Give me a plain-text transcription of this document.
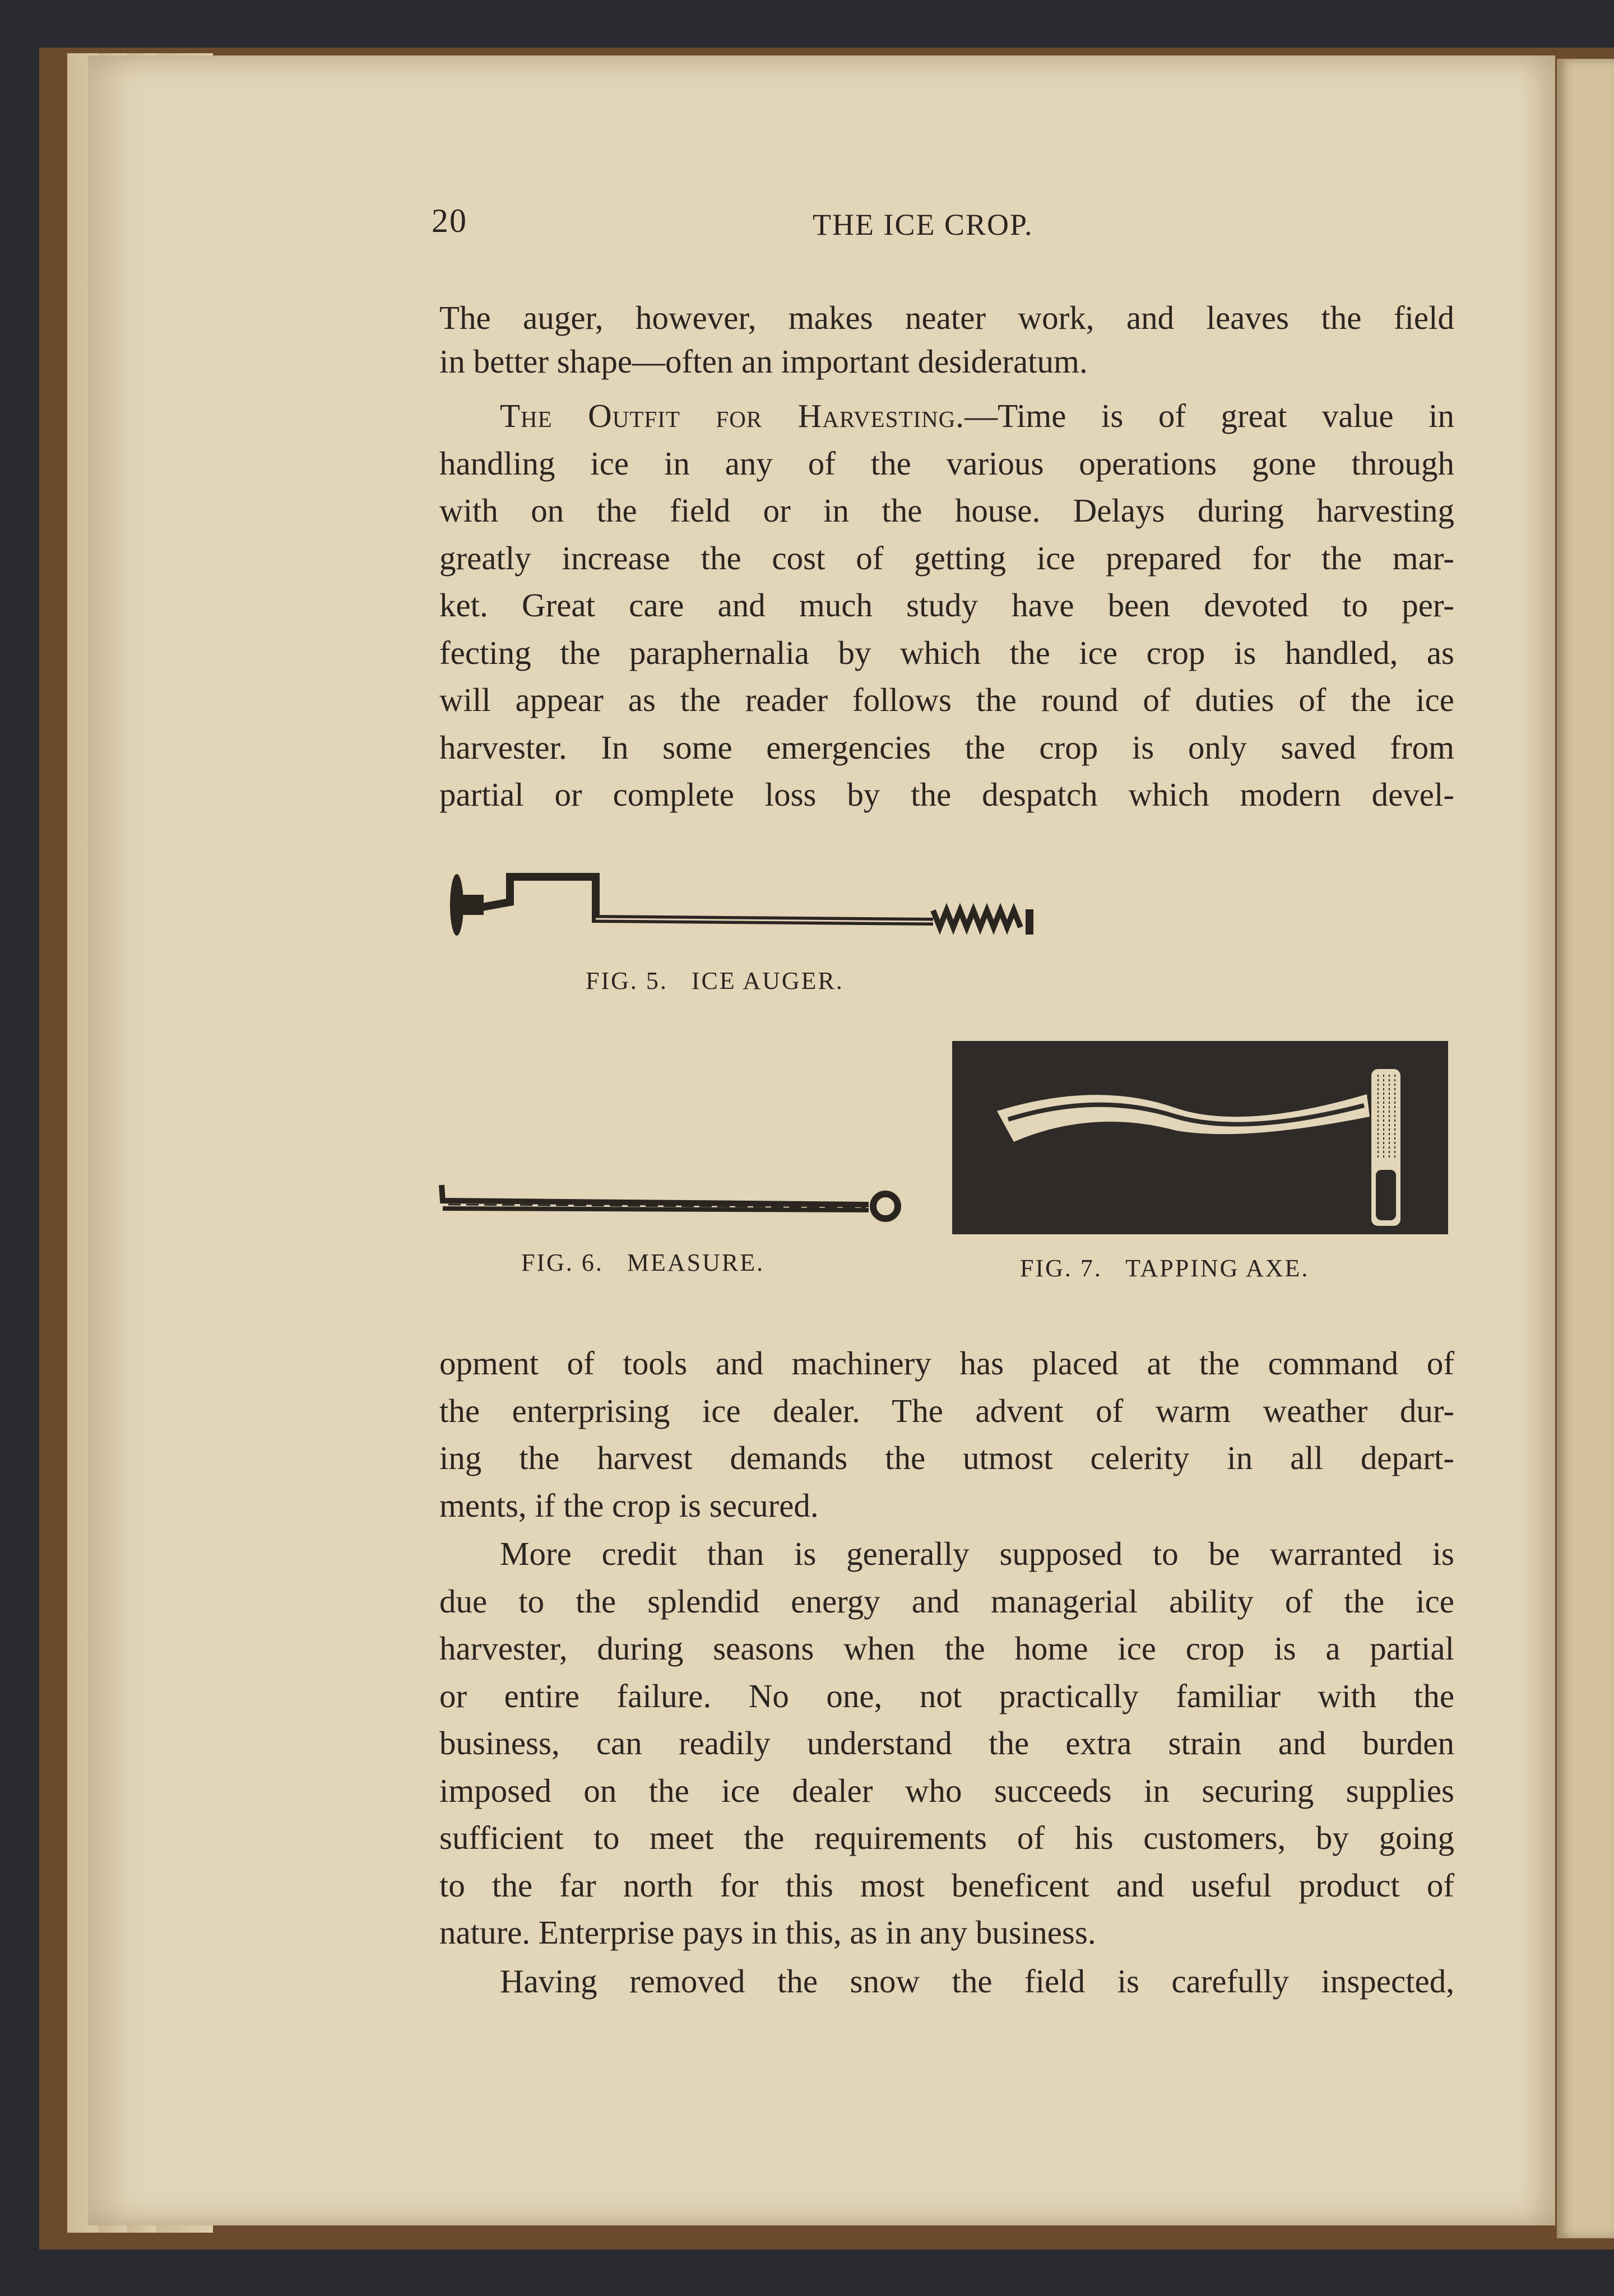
20	THE ICE CROP.
The auger, however, makes neater work, and leaves the field
in better shape—often an important desideratum.
The Outfit for Harvesting.—Time is of great value in
handling ice in any of the various operations gone through
with on the field or in the house. Delays during harvesting
greatly increase the cost of getting ice prepared for the mar-
ket. Great care and much study have been devoted to per-
fecting the paraphernalia by which the ice crop is handled, as
will appear as the reader follows the round of duties of the ice
harvester. In some emergencies the crop is only saved from
partial or complete loss by the despatch which modern devel-
opment of tools and machinery has placed at the command of
the enterprising ice dealer. The advent of warm weather dur-
ing the harvest demands the utmost celerity in all depart-
ments, if the crop is secured.
More credit than is generally supposed to be warranted is
due to the splendid energy and managerial ability of the ice
harvester, during seasons when the home ice crop is a partial
or entire failure. No one, not practically familiar with the
business, can readily understand the extra strain and burden
imposed on the ice dealer who succeeds in securing supplies
sufficient to meet the requirements of his customers, by going
to the far north for this most beneficent and useful product of
nature. Enterprise pays in this, as in any business.
Having removed the snow the field is carefully inspected,
FIG. 5.   ICE AUGER.
FIG. 6.   MEASURE.	FIG. 7.   TAPPING AXE.
